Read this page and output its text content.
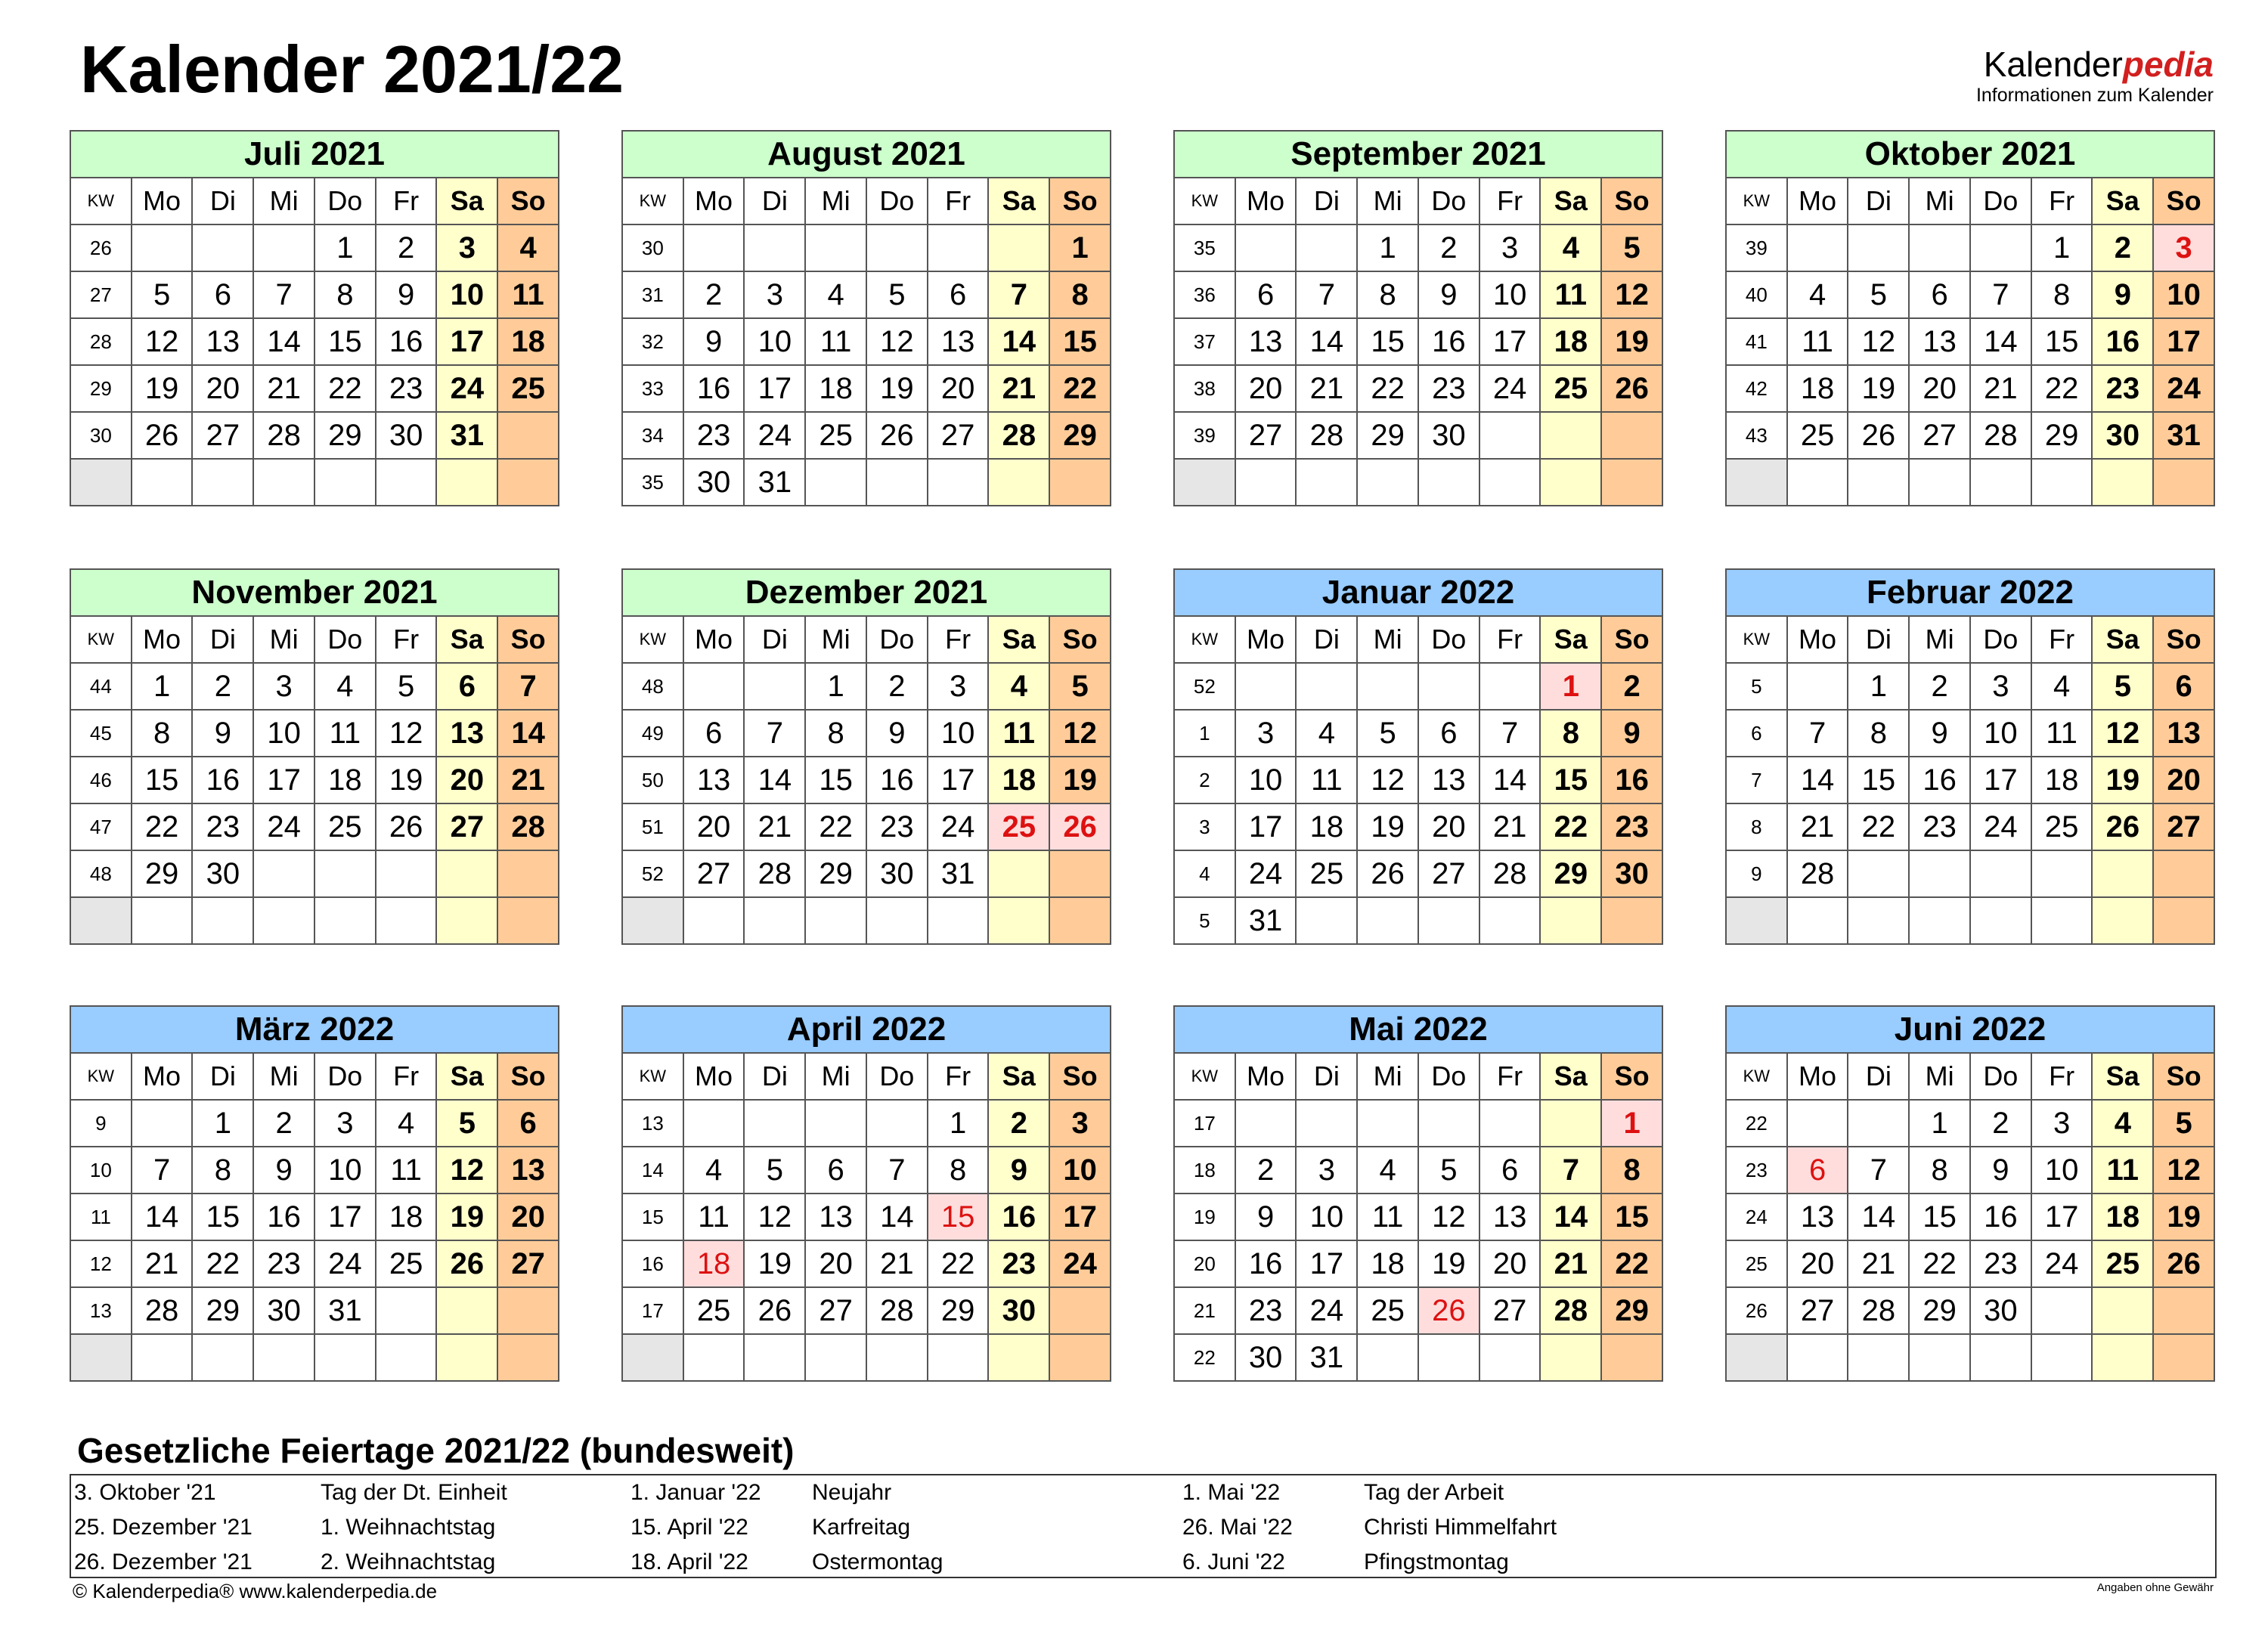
Kalender 2021/22	Kalenderpedia
Informationen zum Kalender
Juli 2021
KW	Mo	Di	Mi	Do	Fr	Sa	So
26				1	2	3	4
27	5	6	7	8	9	10	11
28	12	13	14	15	16	17	18
29	19	20	21	22	23	24	25
30	26	27	28	29	30	31	

August 2021
KW	Mo	Di	Mi	Do	Fr	Sa	So
30							1
31	2	3	4	5	6	7	8
32	9	10	11	12	13	14	15
33	16	17	18	19	20	21	22
34	23	24	25	26	27	28	29
35	30	31					
September 2021
KW	Mo	Di	Mi	Do	Fr	Sa	So
35			1	2	3	4	5
36	6	7	8	9	10	11	12
37	13	14	15	16	17	18	19
38	20	21	22	23	24	25	26
39	27	28	29	30			

Oktober 2021
KW	Mo	Di	Mi	Do	Fr	Sa	So
39					1	2	3
40	4	5	6	7	8	9	10
41	11	12	13	14	15	16	17
42	18	19	20	21	22	23	24
43	25	26	27	28	29	30	31

November 2021
KW	Mo	Di	Mi	Do	Fr	Sa	So
44	1	2	3	4	5	6	7
45	8	9	10	11	12	13	14
46	15	16	17	18	19	20	21
47	22	23	24	25	26	27	28
48	29	30					

Dezember 2021
KW	Mo	Di	Mi	Do	Fr	Sa	So
48			1	2	3	4	5
49	6	7	8	9	10	11	12
50	13	14	15	16	17	18	19
51	20	21	22	23	24	25	26
52	27	28	29	30	31		

Januar 2022
KW	Mo	Di	Mi	Do	Fr	Sa	So
52						1	2
1	3	4	5	6	7	8	9
2	10	11	12	13	14	15	16
3	17	18	19	20	21	22	23
4	24	25	26	27	28	29	30
5	31						
Februar 2022
KW	Mo	Di	Mi	Do	Fr	Sa	So
5		1	2	3	4	5	6
6	7	8	9	10	11	12	13
7	14	15	16	17	18	19	20
8	21	22	23	24	25	26	27
9	28						

März 2022
KW	Mo	Di	Mi	Do	Fr	Sa	So
9		1	2	3	4	5	6
10	7	8	9	10	11	12	13
11	14	15	16	17	18	19	20
12	21	22	23	24	25	26	27
13	28	29	30	31			

April 2022
KW	Mo	Di	Mi	Do	Fr	Sa	So
13					1	2	3
14	4	5	6	7	8	9	10
15	11	12	13	14	15	16	17
16	18	19	20	21	22	23	24
17	25	26	27	28	29	30	

Mai 2022
KW	Mo	Di	Mi	Do	Fr	Sa	So
17							1
18	2	3	4	5	6	7	8
19	9	10	11	12	13	14	15
20	16	17	18	19	20	21	22
21	23	24	25	26	27	28	29
22	30	31					
Juni 2022
KW	Mo	Di	Mi	Do	Fr	Sa	So
22			1	2	3	4	5
23	6	7	8	9	10	11	12
24	13	14	15	16	17	18	19
25	20	21	22	23	24	25	26
26	27	28	29	30			

Gesetzliche Feiertage 2021/22 (bundesweit)
3. Oktober '21	Tag der Dt. Einheit
25. Dezember '21	1. Weihnachtstag
26. Dezember '21	2. Weihnachtstag
1. Januar '22 Neujahr
15. April '22	Karfreitag
18. April '22	Ostermontag
1. Mai '22	Tag der Arbeit
26. Mai '22	Christi Himmelfahrt
6. Juni '22	Pfingstmontag
© Kalenderpedia® www.kalenderpedia.de	Angaben ohne Gewähr
